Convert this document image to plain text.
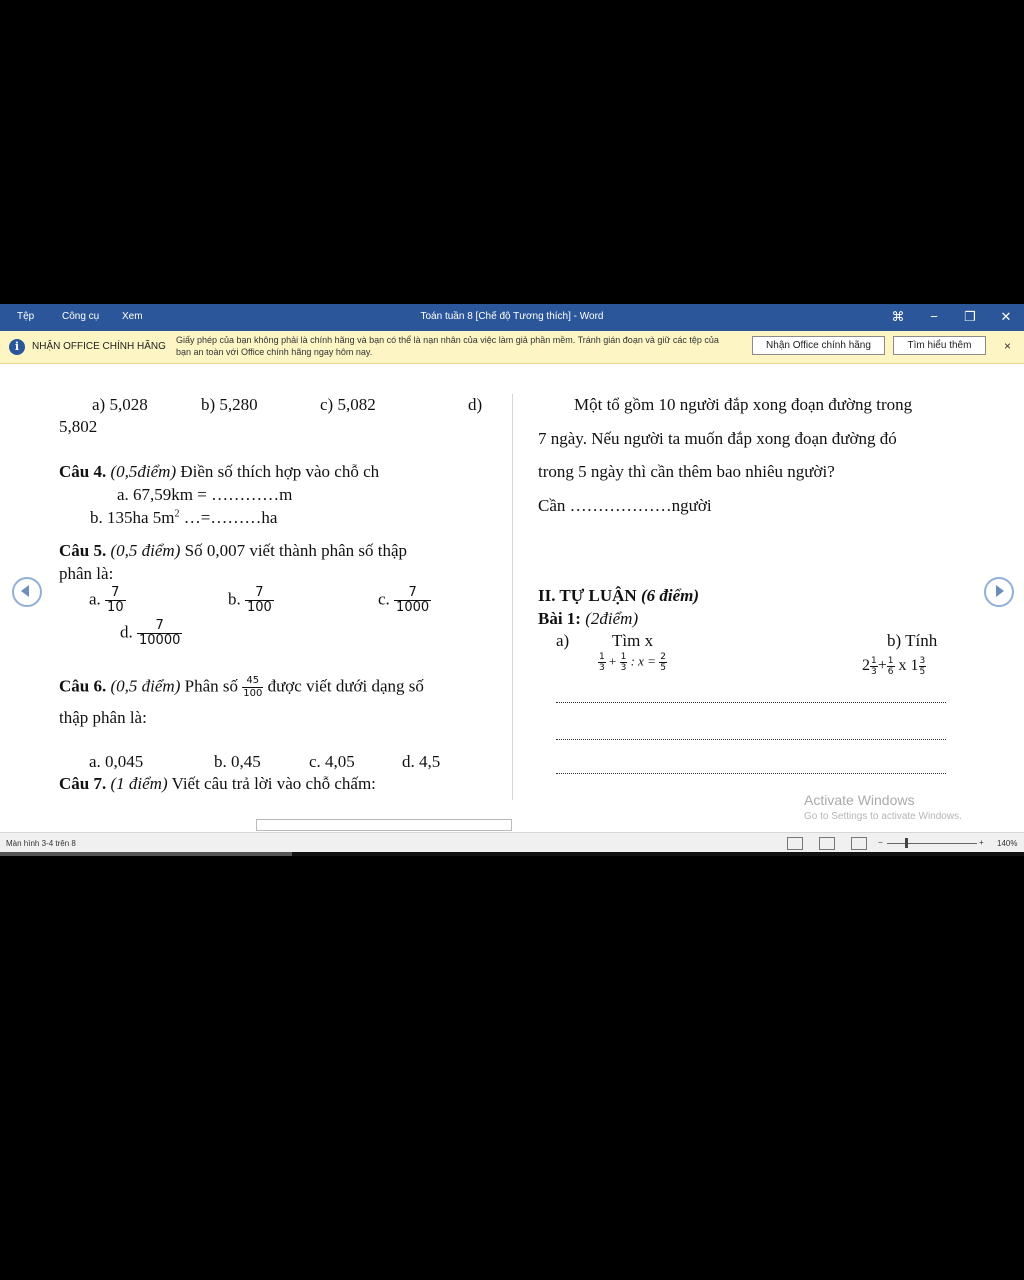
Tệp	Công cụ Xem	Toán tuần 8 [Chế độ Tương thích] - Word	⌘	−	❐	✕
i	NHẬN OFFICE CHÍNH HÃNG
Giấy phép của bạn không phải là chính hãng và bạn có thể là nạn nhân của việc làm giả phần mềm. Tránh gián đoạn và giữ các tệp của bạn an toàn với Office chính hãng ngay hôm nay.
Nhận Office chính hãng	Tìm hiểu thêm	×
a) 5,028	b) 5,280	c) 5,082	d)
5,802
Câu 4. (0,5điểm) Điền số thích hợp vào chỗ ch
a. 67,59km = …………m
b. 135ha $5m^2$ …=………ha
Câu 5. (0,5 điểm) Số 0,007 viết thành phân số thập
phân là:
a. $\frac{7}{10}$	b. $\frac{7}{100}$	c. $\frac{7}{1000}$
d. $\frac{7}{10000}$
Câu 6. (0,5 điểm) Phân số $\frac{45}{100}$ được viết dưới dạng số
thập phân là:
a. 0,045	b. 0,45	c. 4,05	d. 4,5
Câu 7. (1 điểm) Viết câu trả lời vào chỗ chấm:
Một tổ gồm 10 người đắp xong đoạn đường trong
7 ngày. Nếu người ta muốn đắp xong đoạn đường đó
trong 5 ngày thì cần thêm bao nhiêu người?
Cần ………………người
II. TỰ LUẬN (6 điểm)
Bài 1: (2điểm)
a)	Tìm x	b) Tính
$\frac{1}{3} + \frac{1}{3}$ : $x = \frac{2}{5}$	$2 \frac{1}{3} + \frac{1}{6}$ x $1 \frac{3}{5}$
Activate Windows
Go to Settings to activate Windows.
Màn hình 3-4 trên 8	−	+ 140%
